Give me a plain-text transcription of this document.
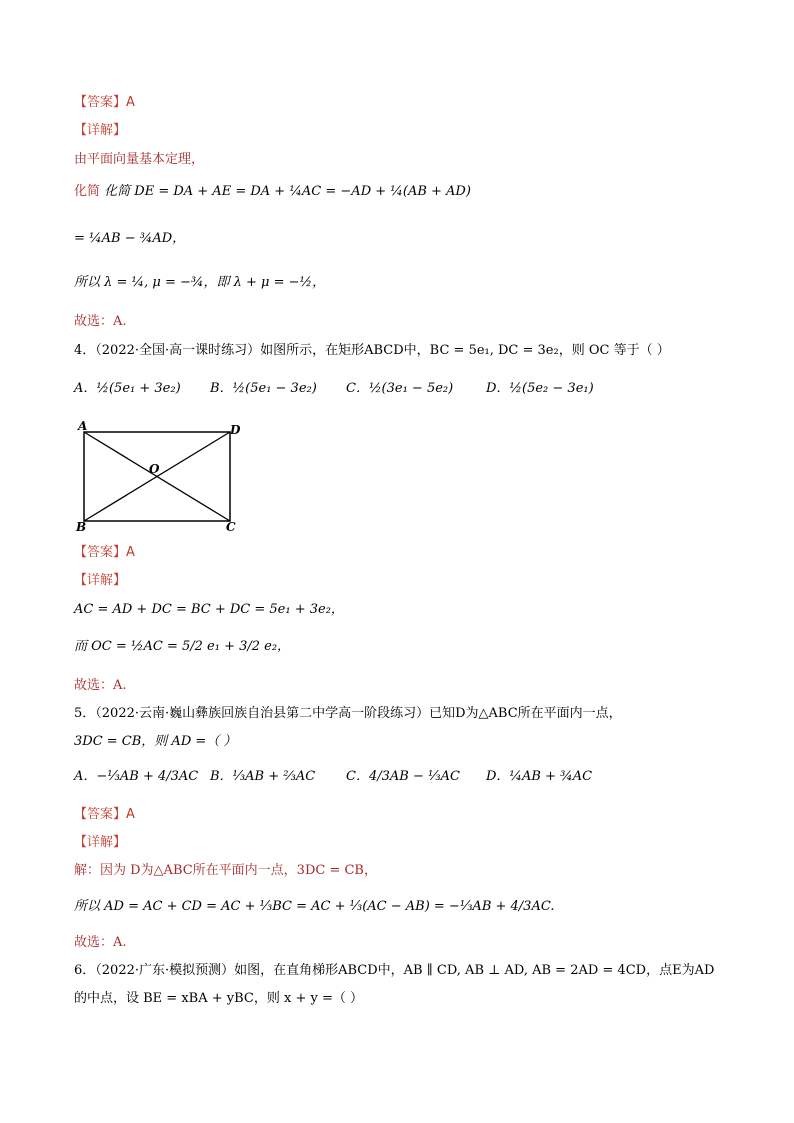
【答案】A
【详解】
由平面向量基本定理，
化简 化简 DE = DA + AE = DA + ¼AC = −AD + ¼(AB + AD)
= ¼AB − ¾AD，
所以 λ = ¼, μ = −¾，即 λ + μ = −½，
故选：A.
4．（2022·全国·高一课时练习）如图所示，在矩形ABCD中，BC = 5e₁, DC = 3e₂，则 OC 等于（ ）
A．½(5e₁ + 3e₂) B．½(5e₁ − 3e₂) C．½(3e₁ − 5e₂)	D．½(5e₂ − 3e₁)
A	D
O
B	C
【答案】A
【详解】
AC = AD + DC = BC + DC = 5e₁ + 3e₂，
而 OC = ½AC = 5/2 e₁ + 3/2 e₂，
故选：A.
5．（2022·云南·巍山彝族回族自治县第二中学高一阶段练习）已知D为△ABC所在平面内一点，
3DC = CB，则 AD =（ ）
A．−⅓AB + 4/3AC B．⅓AB + ⅔AC C．4/3AB − ⅓AC D．¼AB + ¾AC
【答案】A
【详解】
解：因为 D为△ABC所在平面内一点，3DC = CB，
所以 AD = AC + CD = AC + ⅓BC = AC + ⅓(AC − AB) = −⅓AB + 4/3AC.
故选：A.
6．（2022·广东·模拟预测）如图，在直角梯形ABCD中，AB ∥ CD, AB ⊥ AD, AB = 2AD = 4CD，点E为AD
的中点，设 BE = xBA + yBC，则 x + y =（ ）
